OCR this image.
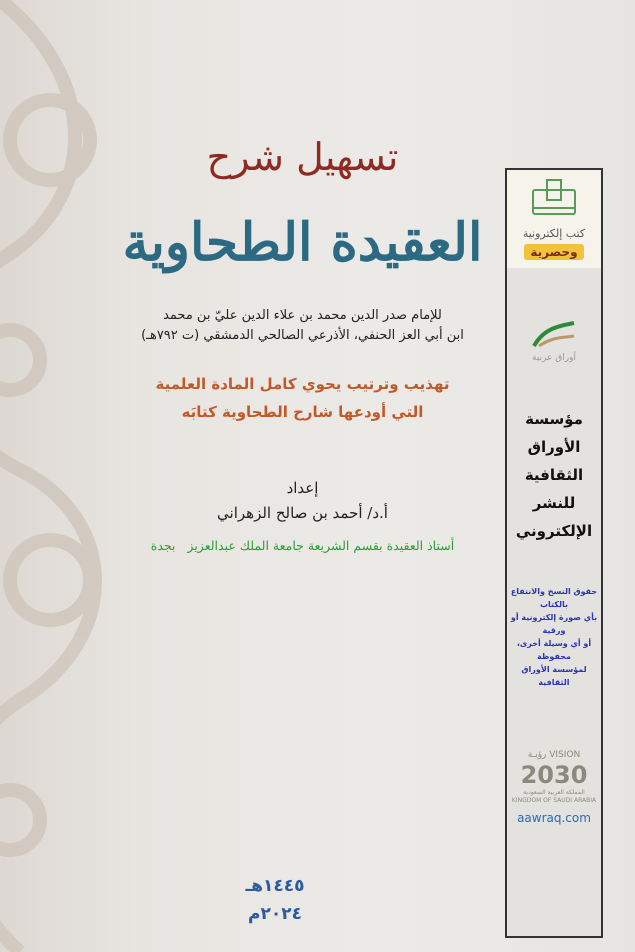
تسهيل شرح
العقيدة الطحاوية
للإمام صدر الدين محمد بن علاء الدين عليّ بن محمد
ابن أبي العز الحنفي، الأذرعي الصالحي الدمشقي (ت ٧٩٢هـ)
تهذيب وترتيب يحوي كامل المادة العلمية
التي أودعها شارح الطحاوية كتابَه
إعداد
أ.د/ أحمد بن صالح الزهراني
أستاذ العقيدة بقسم الشريعة جامعة الملك عبدالعزيز بجدة
١٤٤٥هـ
٢٠٢٤م
كتب إلكترونية
وحصرية
أوراق عربية
مؤسسة
الأوراق
الثقافية
للنشر
الإلكتروني
حقوق النسخ والانتفاع بالكتاب
بأي صورة إلكترونية أو ورقية
أو أي وسيلة أخرى، محفوظة
لمؤسسة الأوراق الثقافية
رؤيـة VISION
2030
المملكة العربية السعودية KINGDOM OF SAUDI ARABIA
aawraq.com
